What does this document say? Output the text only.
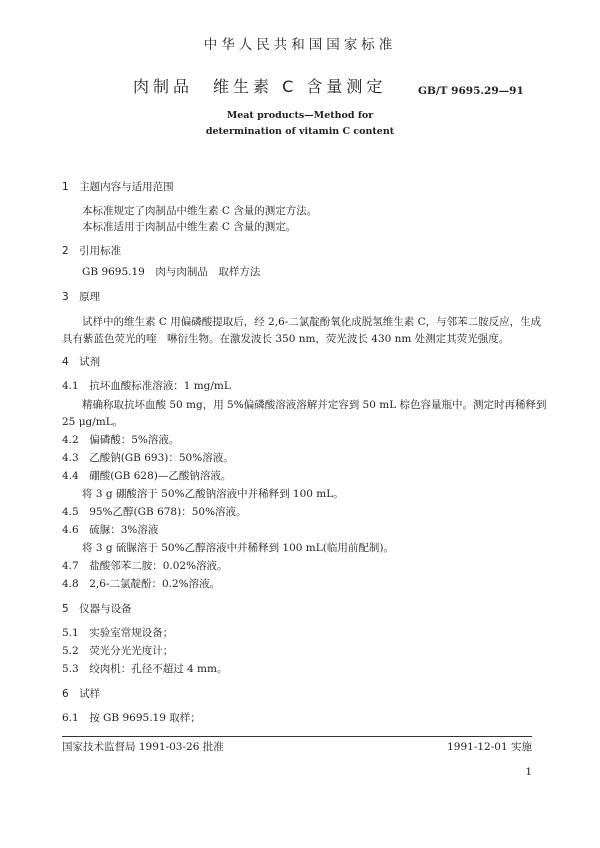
中华人民共和国国家标准
肉制品　维生素 C 含量测定	GB/T 9695.29—91
Meat products—Method for
determination of vitamin C content
1　主题内容与适用范围
本标准规定了肉制品中维生素 C 含量的测定方法。
本标准适用于肉制品中维生素 C 含量的测定。
2　引用标准
GB 9695.19　肉与肉制品　取样方法
3　原理
试样中的维生素 C 用偏磷酸提取后，经 2,6-二氯靛酚氧化成脱氢维生素 C，与邻苯二胺反应，生成
具有紫蓝色荧光的喹　啉衍生物。在激发波长 350 nm，荧光波长 430 nm 处测定其荧光强度。
4　试剂
4.1　抗坏血酸标准溶液：1 mg/mL
精确称取抗坏血酸 50 mg，用 5%偏磷酸溶液溶解并定容到 50 mL 棕色容量瓶中。测定时再稀释到
25 μg/mL。
4.2　偏磷酸：5%溶液。
4.3　乙酸钠(GB 693)：50%溶液。
4.4　硼酸(GB 628)—乙酸钠溶液。
将 3 g 硼酸溶于 50%乙酸钠溶液中并稀释到 100 mL。
4.5　95%乙醇(GB 678)：50%溶液。
4.6　硫脲：3%溶液
将 3 g 硫脲溶于 50%乙醇溶液中并稀释到 100 mL(临用前配制)。
4.7　盐酸邻苯二胺：0.02%溶液。
4.8　2,6-二氯靛酚：0.2%溶液。
5　仪器与设备
5.1　实验室常规设备；
5.2　荧光分光光度计；
5.3　绞肉机：孔径不超过 4 mm。
6　试样
6.1　按 GB 9695.19 取样；
国家技术监督局 1991-03-26 批准	1991-12-01 实施
1
